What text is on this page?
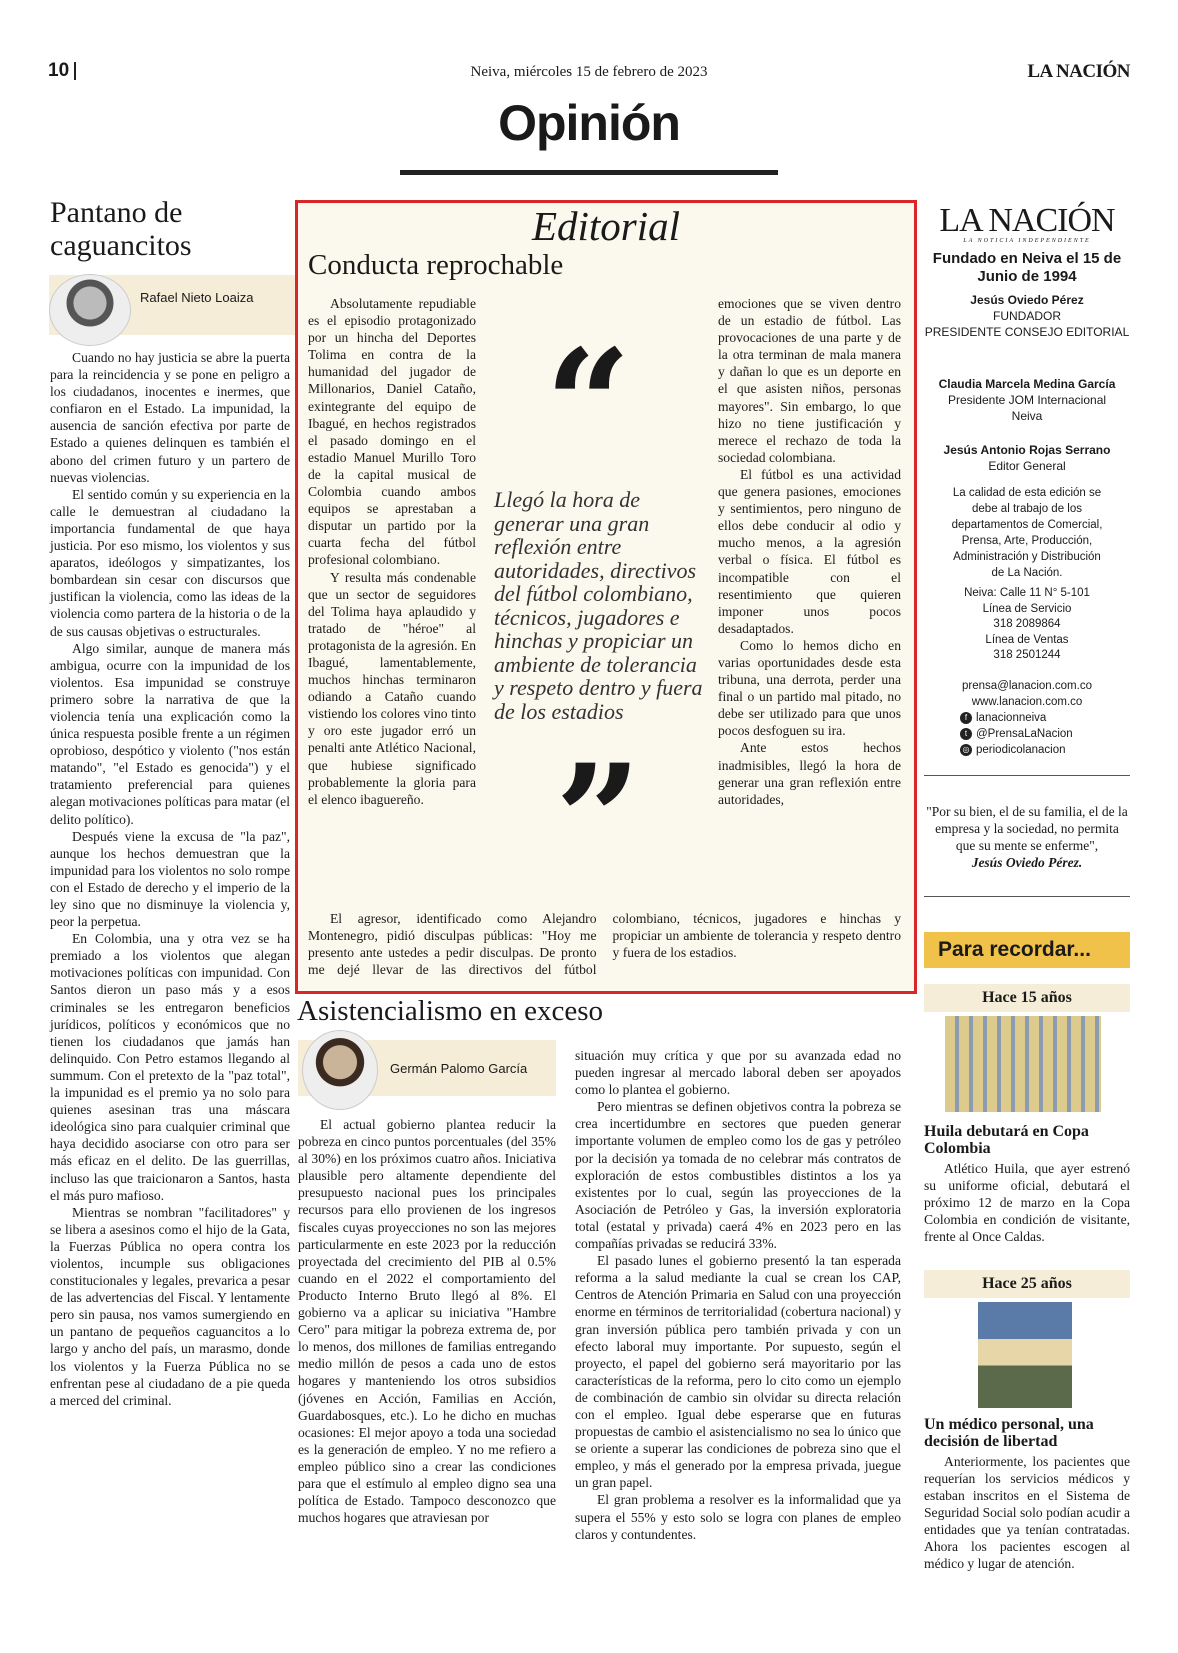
10	Neiva, miércoles 15 de febrero de 2023	LA NACIÓN
Opinión
Pantano de caguancitos
Rafael Nieto Loaiza

Cuando no hay justicia se abre la puerta para la reincidencia y se pone en peligro a los ciudadanos, inocentes e inermes, que confiaron en el Estado. La impunidad, la ausencia de sanción efectiva por parte de Estado a quienes delinquen es también el abono del crimen futuro y un partero de nuevas violencias.

El sentido común y su experiencia en la calle le demuestran al ciudadano la importancia fundamental de que haya justicia. Por eso mismo, los violentos y sus aparatos, ideólogos y simpatizantes, los bombardean sin cesar con discursos que justifican la violencia, como las ideas de la violencia como partera de la historia o de la de sus causas objetivas o estructurales.

Algo similar, aunque de manera más ambigua, ocurre con la impunidad de los violentos. Esa impunidad se construye primero sobre la narrativa de que la violencia tenía una explicación como la única respuesta posible frente a un régimen oprobioso, despótico y violento ("nos están matando", "el Estado es genocida") y el tratamiento preferencial para quienes alegan motivaciones políticas para matar (el delito político).

Después viene la excusa de "la paz", aunque los hechos demuestran que la impunidad para los violentos no solo rompe con el Estado de derecho y el imperio de la ley sino que no disminuye la violencia y, peor la perpetua.

En Colombia, una y otra vez se ha premiado a los violentos que alegan motivaciones políticas con impunidad. Con Santos dieron un paso más y a esos criminales se les entregaron beneficios jurídicos, políticos y económicos que no tienen los ciudadanos que jamás han delinquido. Con Petro estamos llegando al summum. Con el pretexto de la "paz total", la impunidad es el premio ya no solo para quienes asesinan tras una máscara ideológica sino para cualquier criminal que haya decidido asociarse con otro para ser más eficaz en el delito. De las guerrillas, incluso las que traicionaron a Santos, hasta el más puro mafioso.

Mientras se nombran "facilitadores" y se libera a asesinos como el hijo de la Gata, la Fuerzas Pública no opera contra los violentos, incumple sus obligaciones constitucionales y legales, prevarica a pesar de las advertencias del Fiscal. Y lentamente pero sin pausa, nos vamos sumergiendo en un pantano de pequeños caguancitos a lo largo y ancho del país, un marasmo, donde los violentos y la Fuerza Pública no se enfrentan pese al ciudadano de a pie queda a merced del criminal.

Editorial
Conducta reprochable

Absolutamente repudiable es el episodio protagonizado por un hincha del Deportes Tolima en contra de la humanidad del jugador de Millonarios, Daniel Cataño, exintegrante del equipo de Ibagué, en hechos registrados el pasado domingo en el estadio Manuel Murillo Toro de la capital musical de Colombia cuando ambos equipos se aprestaban a disputar un partido por la cuarta fecha del fútbol profesional colombiano.

Y resulta más condenable que un sector de seguidores del Tolima haya aplaudido y tratado de "héroe" al protagonista de la agresión. En Ibagué, lamentablemente, muchos hinchas terminaron odiando a Cataño cuando vistiendo los colores vino tinto y oro este jugador erró un penalti ante Atlético Nacional, que hubiese significado probablemente la gloria para el elenco ibaguereño.

“
Llegó la hora de generar una gran reflexión entre autoridades, directivos del fútbol colombiano, técnicos, jugadores e hinchas y propiciar un ambiente de tolerancia y respeto dentro y fuera de los estadios
”

emociones que se viven dentro de un estadio de fútbol. Las provocaciones de una parte y de la otra terminan de mala manera y dañan lo que es un deporte en el que asisten niños, personas mayores". Sin embargo, lo que hizo no tiene justificación y merece el rechazo de toda la sociedad colombiana.

El fútbol es una actividad que genera pasiones, emociones y sentimientos, pero ninguno de ellos debe conducir al odio y mucho menos, a la agresión verbal o física. El fútbol es incompatible con el resentimiento que quieren imponer unos pocos desadaptados.

Como lo hemos dicho en varias oportunidades desde esta tribuna, una derrota, perder una final o un partido mal pitado, no debe ser utilizado para que unos pocos desfoguen su ira.

Ante estos hechos inadmisibles, llegó la hora de generar una gran reflexión entre autoridades,

El agresor, identificado como Alejandro Montenegro, pidió disculpas públicas: "Hoy me presento ante ustedes a pedir disculpas. De pronto me dejé llevar de las directivos del fútbol colombiano, técnicos, jugadores e hinchas y propiciar un ambiente de tolerancia y respeto dentro y fuera de los estadios.

Asistencialismo en exceso
Germán Palomo García

El actual gobierno plantea reducir la pobreza en cinco puntos porcentuales (del 35% al 30%) en los próximos cuatro años. Iniciativa plausible pero altamente dependiente del presupuesto nacional pues los principales recursos para ello provienen de los ingresos fiscales cuyas proyecciones no son las mejores particularmente en este 2023 por la reducción proyectada del crecimiento del PIB al 0.5% cuando en el 2022 el comportamiento del Producto Interno Bruto llegó al 8%. El gobierno va a aplicar su iniciativa "Hambre Cero" para mitigar la pobreza extrema de, por lo menos, dos millones de familias entregando medio millón de pesos a cada uno de estos hogares y manteniendo los otros subsidios (jóvenes en Acción, Familias en Acción, Guardabosques, etc.). Lo he dicho en muchas ocasiones: El mejor apoyo a toda una sociedad es la generación de empleo. Y no me refiero a empleo público sino a crear las condiciones para que el estímulo al empleo digno sea una política de Estado. Tampoco desconozco que muchos hogares que atraviesan por

situación muy crítica y que por su avanzada edad no pueden ingresar al mercado laboral deben ser apoyados como lo plantea el gobierno.

Pero mientras se definen objetivos contra la pobreza se crea incertidumbre en sectores que pueden generar importante volumen de empleo como los de gas y petróleo por la decisión ya tomada de no celebrar más contratos de exploración de estos combustibles distintos a los ya existentes por lo cual, según las proyecciones de la Asociación de Petróleo y Gas, la inversión exploratoria total (estatal y privada) caerá 4% en 2023 pero en las compañías privadas se reducirá 33%.

El pasado lunes el gobierno presentó la tan esperada reforma a la salud mediante la cual se crean los CAP, Centros de Atención Primaria en Salud con una proyección enorme en términos de territorialidad (cobertura nacional) y gran inversión pública pero también privada y con un efecto laboral muy importante. Por supuesto, según el proyecto, el papel del gobierno será mayoritario por las características de la reforma, pero lo cito como un ejemplo de combinación de cambio sin olvidar su directa relación con el empleo. Igual debe esperarse que en futuras propuestas de cambio el asistencialismo no sea lo único que se oriente a superar las condiciones de pobreza sino que el empleo, y más el generado por la empresa privada, juegue un gran papel.

El gran problema a resolver es la informalidad que ya supera el 55% y esto solo se logra con planes de empleo claros y contundentes.

LA NACIÓN
LA NOTICIA INDEPENDIENTE
Fundado en Neiva el 15 de Junio de 1994
Jesús Oviedo Pérez
FUNDADOR
PRESIDENTE CONSEJO EDITORIAL
Claudia Marcela Medina García
Presidente JOM Internacional Neiva
Jesús Antonio Rojas Serrano
Editor General
La calidad de esta edición se debe al trabajo de los departamentos de Comercial, Prensa, Arte, Producción, Administración y Distribución de La Nación.
Neiva: Calle 11 N° 5-101
Línea de Servicio
318 2089864
Línea de Ventas
318 2501244
prensa@lanacion.com.co
www.lanacion.com.co
f lanacionneiva
t @PrensaLaNacion
◎ periodicolanacion
"Por su bien, el de su familia, el de la empresa y la sociedad, no permita que su mente se enferme",
Jesús Oviedo Pérez.
Para recordar...
Hace 15 años
Huila debutará en Copa Colombia

Atlético Huila, que ayer estrenó su uniforme oficial, debutará el próximo 12 de marzo en la Copa Colombia en condición de visitante, frente al Once Caldas.

Hace 25 años
Un médico personal, una decisión de libertad

Anteriormente, los pacientes que requerían los servicios médicos y estaban inscritos en el Sistema de Seguridad Social solo podían acudir a entidades que ya tenían contratadas. Ahora los pacientes escogen al médico y lugar de atención.
